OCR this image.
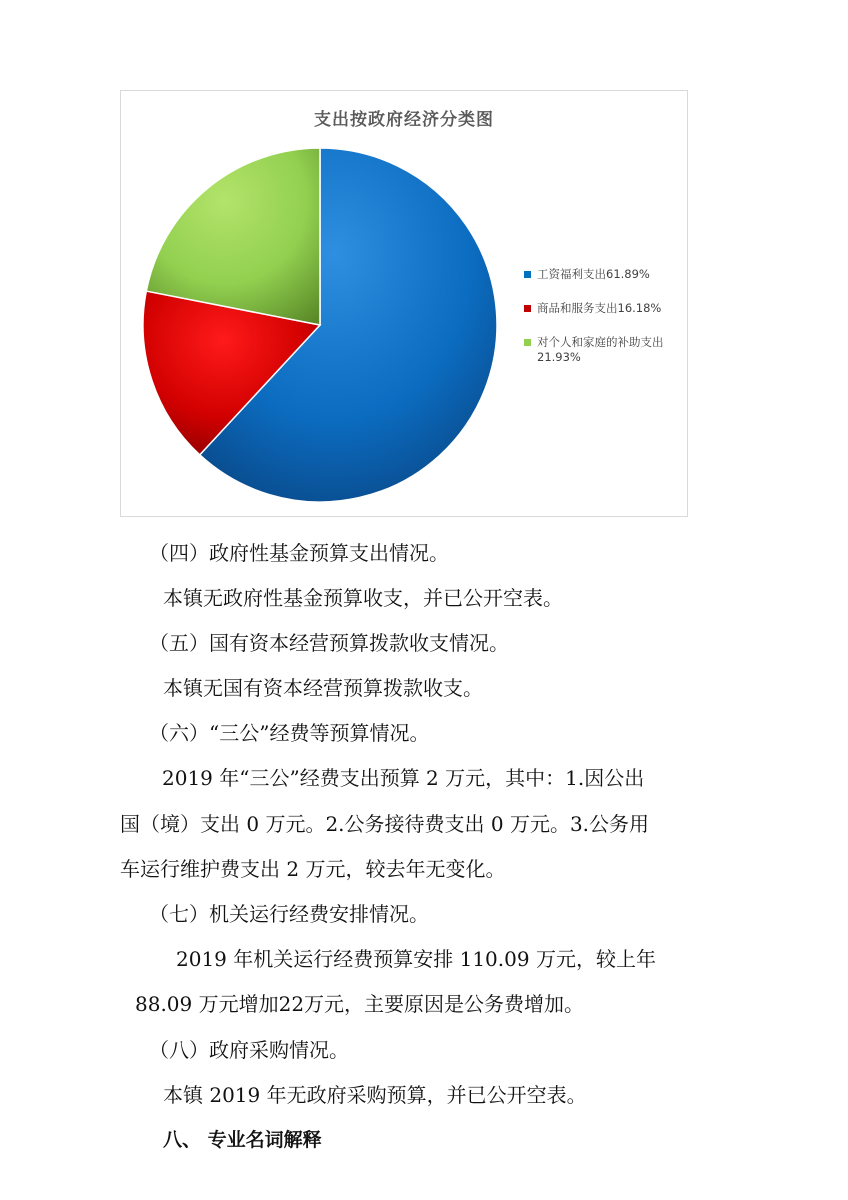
支出按政府经济分类图
工资福利支出61.89%
商品和服务支出16.18%
对个人和家庭的补助支出
21.93%
（四）政府性基金预算支出情况。
本镇无政府性基金预算收支，并已公开空表。
（五）国有资本经营预算拨款收支情况。
本镇无国有资本经营预算拨款收支。
（六）“三公”经费等预算情况。
2019 年“三公”经费支出预算 2 万元，其中：1.因公出
国（境）支出 0 万元。2.公务接待费支出 0 万元。3.公务用
车运行维护费支出 2 万元，较去年无变化。
（七）机关运行经费安排情况。
2019 年机关运行经费预算安排 110.09 万元，较上年
88.09 万元增加22万元，主要原因是公务费增加。
（八）政府采购情况。
本镇 2019 年无政府采购预算，并已公开空表。
八、 专业名词解释
